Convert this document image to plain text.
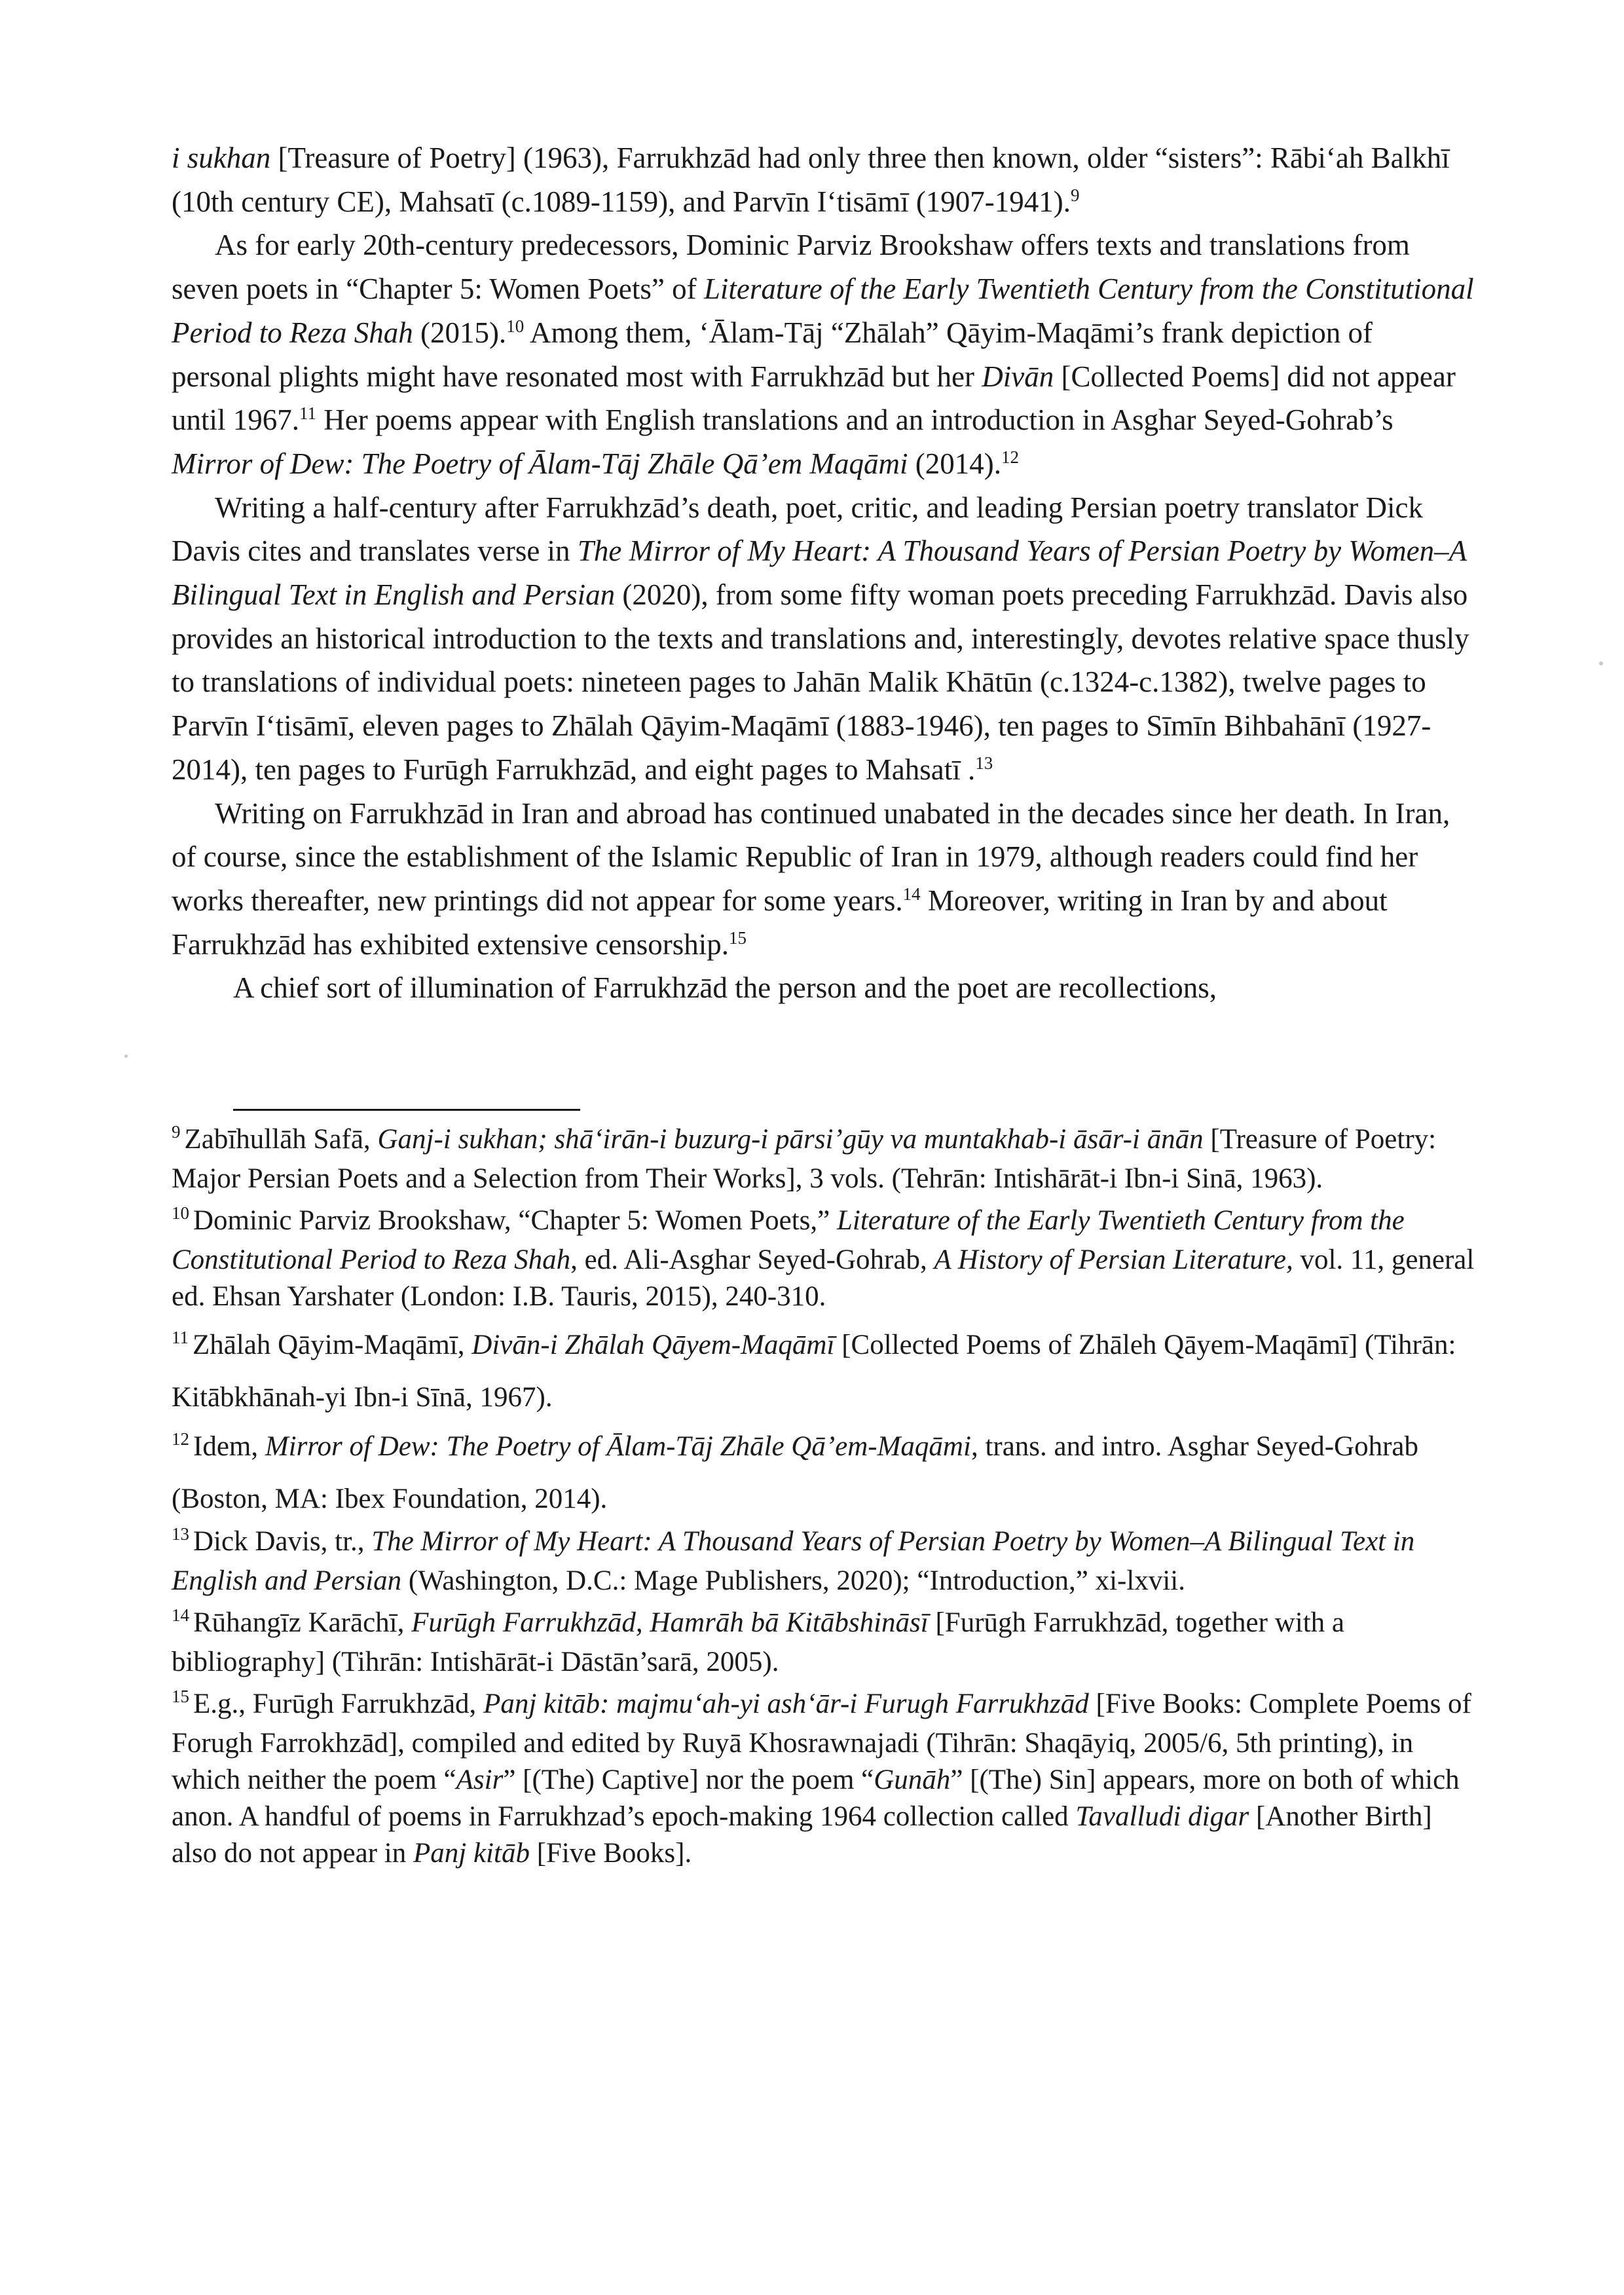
i sukhan [Treasure of Poetry] (1963), Farrukhzād had only three then known, older “sisters”: Rābi‘ah Balkhī (10th century CE), Mahsatī (c.1089-1159), and Parvīn I‘tisāmī (1907-1941).$^9$

As for early 20th-century predecessors, Dominic Parviz Brookshaw offers texts and translations from seven poets in “Chapter 5: Women Poets” of Literature of the Early Twentieth Century from the Constitutional Period to Reza Shah (2015).$^{10}$ Among them, ‘Ālam-Tāj “Zhālah” Qāyim-Maqāmi’s frank depiction of personal plights might have resonated most with Farrukhzād but her Divān [Collected Poems] did not appear until 1967.11 Her poems appear with English translations and an introduction in Asghar Seyed-Gohrab’s Mirror of Dew: The Poetry of Ālam-Tāj Zhāle Qā’em Maqāmi (2014).$^{12}$

Writing a half-century after Farrukhzād’s death, poet, critic, and leading Persian poetry translator Dick Davis cites and translates verse in The Mirror of My Heart: A Thousand Years of Persian Poetry by Women–A Bilingual Text in English and Persian (2020), from some fifty woman poets preceding Farrukhzād. Davis also provides an historical introduction to the texts and translations and, interestingly, devotes relative space thusly to translations of individual poets: nineteen pages to Jahān Malik Khātūn (c.1324-c.1382), twelve pages to Parvīn I‘tisāmī, eleven pages to Zhālah Qāyim-Maqāmī (1883-1946), ten pages to Sīmīn Bihbahānī (1927-2014), ten pages to Furūgh Farrukhzād, and eight pages to Mahsatī .$^{13}$

Writing on Farrukhzād in Iran and abroad has continued unabated in the decades since her death. In Iran, of course, since the establishment of the Islamic Republic of Iran in 1979, although readers could find her works thereafter, new printings did not appear for some years.$^{14}$ Moreover, writing in Iran by and about Farrukhzād has exhibited extensive censorship.$^{15}$

A chief sort of illumination of Farrukhzād the person and the poet are recollections,

$^9$ Zabīhullāh Safā, Ganj-i sukhan; shā‘irān-i buzurg-i pārsi’gūy va muntakhab-i āsār-i ānān [Treasure of Poetry: Major Persian Poets and a Selection from Their Works], 3 vols. (Tehrān: Intishārāt-i Ibn-i Sinā, 1963).

$^{10}$ Dominic Parviz Brookshaw, “Chapter 5: Women Poets,” Literature of the Early Twentieth Century from the Constitutional Period to Reza Shah, ed. Ali-Asghar Seyed-Gohrab, A History of Persian Literature, vol. 11, general ed. Ehsan Yarshater (London: I.B. Tauris, 2015), 240-310.

$^{11}$ Zhālah Qāyim-Maqāmī, Divān-i Zhālah Qāyem-Maqāmī [Collected Poems of Zhāleh Qāyem-Maqāmī] (Tihrān: Kitābkhānah-yi Ibn-i Sīnā, 1967).

$^{12}$ Idem, Mirror of Dew: The Poetry of Ālam-Tāj Zhāle Qā’em-Maqāmi, trans. and intro. Asghar Seyed-Gohrab (Boston, MA: Ibex Foundation, 2014).

$^{13}$ Dick Davis, tr., The Mirror of My Heart: A Thousand Years of Persian Poetry by Women–A Bilingual Text in English and Persian (Washington, D.C.: Mage Publishers, 2020); “Introduction,” xi-lxvii.

$^{14}$ Rūhangīz Karāchī, Furūgh Farrukhzād, Hamrāh bā Kitābshināsī [Furūgh Farrukhzād, together with a bibliography] (Tihrān: Intishārāt-i Dāstān’sarā, 2005).

$^{15}$ E.g., Furūgh Farrukhzād, Panj kitāb: majmu‘ah-yi ash‘ār-i Furugh Farrukhzād [Five Books: Complete Poems of Forugh Farrokhzād], compiled and edited by Ruyā Khosrawnajadi (Tihrān: Shaqāyiq, 2005/6, 5th printing), in which neither the poem “Asir” [(The) Captive] nor the poem “Gunāh” [(The) Sin] appears, more on both of which anon. A handful of poems in Farrukhzad’s epoch-making 1964 collection called Tavalludi digar [Another Birth] also do not appear in Panj kitāb [Five Books].
